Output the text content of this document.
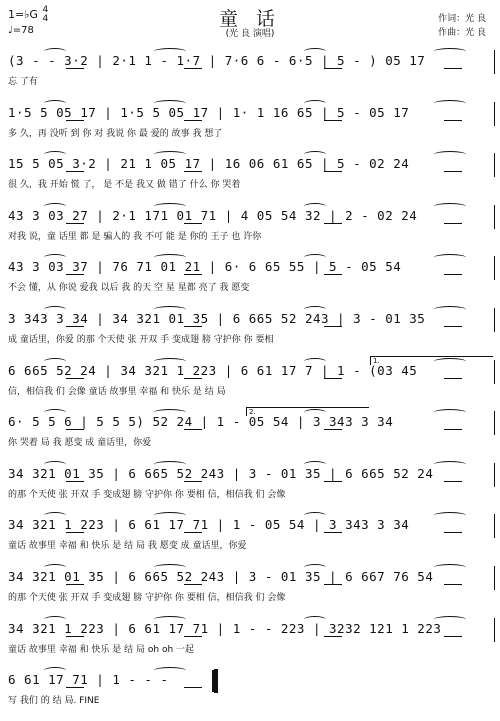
1=♭G 4
4
♩=78
童 话
(光 良 演唱)
作词：光 良
作曲：光 良
(3 - - 3·2 | 2·1 1 - 1·7 | 7·6 6 - 6·5 | 5 - ) 05 17
忘 了有
1·5 5 05 17 | 1·5 5 05 17 | 1· 1 16 65 | 5 - 05 17
多 久，再 没听 到 你 对 我说 你 最 爱的 故事 我 想了
15 5 05 3·2 | 21 1 05 17 | 16 06 61 65 | 5 - 02 24
很 久，我 开始 慌 了， 是 不是 我又 做 错了 什么 你 哭着
43 3 03 27 | 2·1 171 01 71 | 4 05 54 32 | 2 - 02 24
对我 说，童 话里 都 是 骗人的 我 不可 能 是 你的 王子 也 许你
43 3 03 37 | 76 71 01 21 | 6· 6 65 55 | 5 - 05 54
不会 懂，从 你说 爱我 以后 我 的天 空 星 星都 亮了 我 愿变
3 343 3 34 | 34 321 01 35 | 6 665 52 243 | 3 - 01 35
成 童话里，你爱 的那 个天使 张 开双 手 变成翅 膀 守护你 你 要相
6 665 52 24 | 34 321 1 223 | 6 61 17 7 | 1 - (03 45
信，相信我 们 会像 童话 故事里 幸福 和 快乐 是 结 局
6· 5 5 6 | 5 5 5) 52 24 | 1 - 05 54 | 3 343 3 34
你 哭着 局 我 愿变 成 童话里，你爱
34 321 01 35 | 6 665 52 243 | 3 - 01 35 | 6 665 52 24
的那 个天使 张 开双 手 变成翅 膀 守护你 你 要相 信，相信我 们 会像
34 321 1 223 | 6 61 17 71 | 1 - 05 54 | 3 343 3 34
童话 故事里 幸福 和 快乐 是 结 局 我 愿变 成 童话里，你爱
34 321 01 35 | 6 665 52 243 | 3 - 01 35 | 6 667 76 54
的那 个天使 张 开双 手 变成翅 膀 守护你 你 要相 信，相信我 们 会像
34 321 1 223 | 6 61 17 71 | 1 - - 223 | 3232 121 1 223
童话 故事里 幸福 和 快乐 是 结 局 oh oh 一起
6 61 17 71 | 1 - - -
写 我们 的 结 局. FINE
1.
2.
